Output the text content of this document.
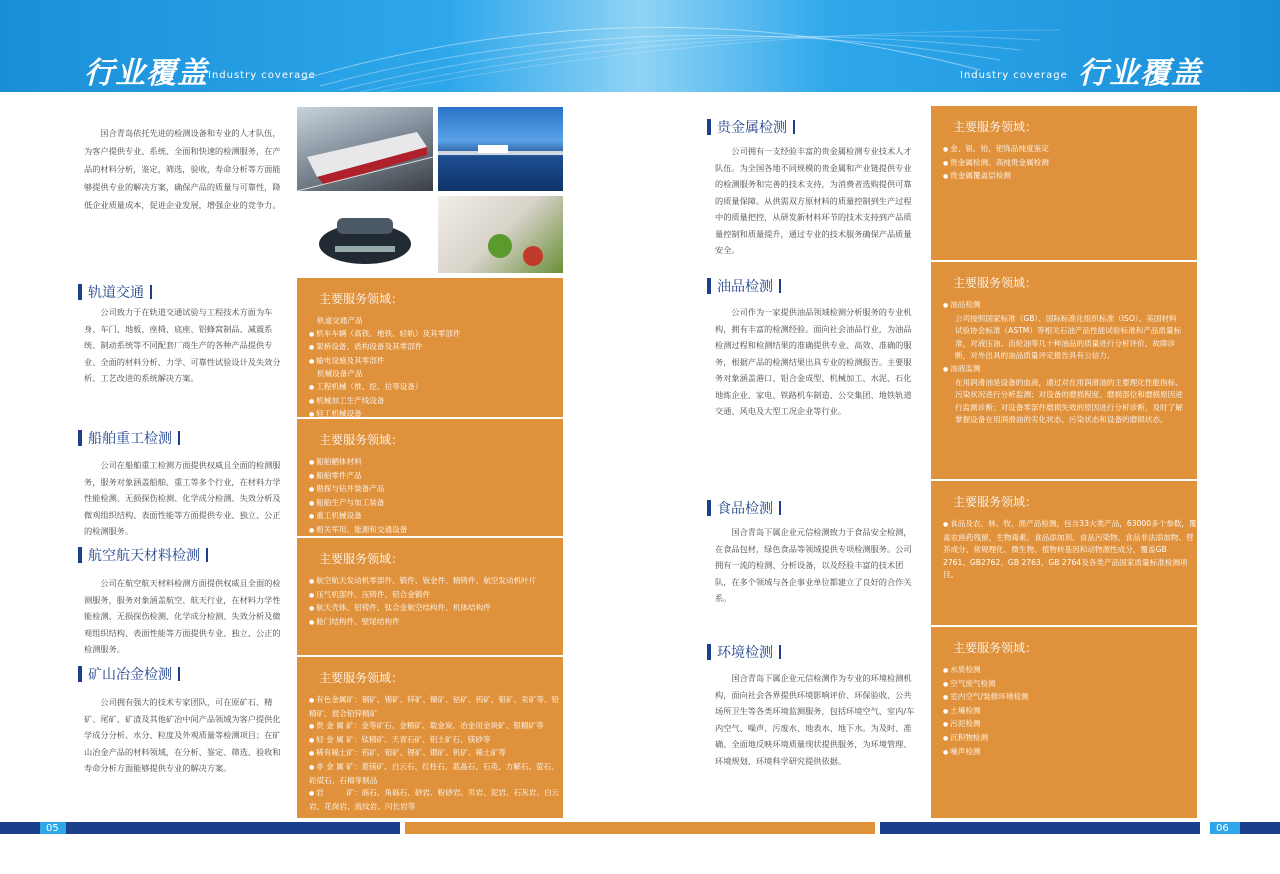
行业覆盖 Industry coverage	Industry coverage 行业覆盖
国合青岛依托先进的检测设备和专业的人才队伍，为客户提供专业、系统、全面和快速的检测服务，在产品的材料分析，鉴定，筛选，验收，寿命分析等方面能够提供专业的解决方案，确保产品的质量与可靠性，降低企业质量成本，促进企业发展，增强企业的竞争力。
轨道交通
公司致力于在轨道交通试验与工程技术方面为车身、车门、地板、座椅、底座、铝蜂窝制品、减震系统、制动系统等不同配套厂商生产的各种产品提供专业、全面的材料分析、力学、可靠性试验设计及失效分析、工艺改进的系统解决方案。
船舶重工检测
公司在船舶重工检测方面提供权威且全面的检测服务，服务对象涵盖船舶、重工等多个行业，在材料力学性能检测、无损探伤检测、化学成分检测、失效分析及微观组织结构、表面性能等方面提供专业、独立、公正的检测服务。
航空航天材料检测
公司在航空航天材料检测方面提供权威且全面的检测服务，服务对象涵盖航空、航天行业，在材料力学性能检测、无损探伤检测、化学成分检测、失效分析及微观组织结构、表面性能等方面提供专业、独立、公正的检测服务。
矿山冶金检测
公司拥有强大的技术专家团队，可在原矿石、精矿、尾矿、矿渣及其他矿冶中间产品领域为客户提供化学成分分析、水分、粒度及外观质量等检测项目；在矿山冶金产品的材料领域，在分析、鉴定、筛选、验收和寿命分析方面能够提供专业的解决方案。
主要服务领域：
轨道交通产品
● 机车车辆（高铁、地铁、轻轨）及其零部件
● 架桥设备、盾构设备及其零部件
● 输电设施及其零部件
机械设备产品
● 工程机械（推、挖、拉等设备）
● 机械加工生产线设备
● 轻工机械设备
主要服务领域：
● 船舶舾体材料
● 船舶零件产品
● 勘探与钻井装备产品
● 船舶生产与加工装备
● 重工机械设备
● 相关军用、能源和交通设备
主要服务领域：
● 航空航天发动机零部件、锻件、钣金件、精铸件、航空发动机叶片
● 压气机部件、压铸件、铝合金锻件
● 航天壳体、铝铸件、钛合金航空结构件、机体结构件
● 舱门结构件、壁尾结构件
主要服务领域：
● 有色金属矿：铜矿、锡矿、锌矿、镍矿、钴矿、钨矿、钼矿、汞矿等、铅精矿、混合铅锌精矿
● 贵 金 属 矿：金等矿石、金精矿、载金炭、冶金用金块矿、银精矿等
● 轻 金 属 矿：钛精矿、天青石矿、铝土矿石、镁砂等
● 稀有稀土矿：钨矿、钼矿、锂矿、锶矿、钒矿、稀土矿等
● 非 金 属 矿：菱镁矿、白云石、红柱石、蓝晶石、石英、方解石、萤石、砣砹石、石棉等制品
● 岩　　　矿：砾石、角砾石、砂岩、粉砂岩、页岩、泥岩、石灰岩、白云岩、花岗岩、流纹岩、闪长岩等
贵金属检测
公司拥有一支经验丰富的贵金属检测专业技术人才队伍。为全国各地不同规模的贵金属和产业链提供专业的检测服务和完善的技术支持，为消费者选购提供可靠的质量保障。从供需双方原材料的质量控制到生产过程中的质量把控，从研发新材料环节的技术支持到产品质量控制和质量提升，通过专业的技术服务确保产品质量安全。
油品检测
公司作为一家提供油品领域检测分析服务的专业机构，拥有丰富的检测经验。面向社会油品行业，为油品检测过程和检测结果的准确提供专业、高效、准确的服务，根据产品的检测结果出具专业的检测报告。主要服务对象涵盖港口、铝合金成型、机械加工、水泥、石化地炼企业、家电、铁路机车制造、公交集团、地铁轨道交通、风电及大型工况企业等行业。
食品检测
国合青岛下属企业元信检测致力于食品安全检测，在食品包材，绿色食品等领域提供专项检测服务。公司拥有一流的检测、分析设备，以及经验丰富的技术团队，在多个领域与各企事业单位都建立了良好的合作关系。
环境检测
国合青岛下属企业元信检测作为专业的环境检测机构，面向社会各界提供环境影响评价、环保验收、公共场所卫生等各类环境监测服务，包括环境空气、室内/车内空气、噪声、污废水、地表水、地下水。为及时、准确、全面地反映环境质量现状提供服务，为环境管理、环境规划、环境科学研究提供依据。
主要服务领域：
● 金、银、铂、钯饰品纯度鉴定
● 贵金属检测、高纯贵金属检测
● 贵金属覆盖层检测
主要服务领域：
● 油品检测

公司按照国家标准（GB）、国际标准化组织标准（ISO）、美国材料试验协会标准（ASTM）等相关石油产品性能试验标准和产品质量标准，对液压油、齿轮油等几十种油品的质量进行分析评价、故障诊断，对外出具的油品质量评定报告具有公信力。

● 油液监测

在用润滑油是设备的血液，通过对在用润滑油的主要理化性能指标、污染状况进行分析监测；对设备的磨损程度、磨损部位和磨损原因进行监测诊断；对设备零部件磨损失效的原因进行分析诊断，及时了解掌握设备在用润滑油的劣化状态、污染状态和设备的磨损状态。

主要服务领域：
● 食品及农、林、牧、渔产品检测，包含33大类产品，63000多个参数，覆盖农兽药残留、生物毒素、食品添加剂、食品污染物、食品非法添加物、营养成分、常规理化、微生物、植物转基因和动物源性成分，覆盖GB　　2761、GB2762、GB 2763、GB 2764及各类产品国家质量标准检测项目。
主要服务领域：
● 水质检测
● 空气废气检测
● 室内空气/装修环境检测
● 土壤检测
● 污泥检测
● 沉积物检测
● 噪声检测
05	06
